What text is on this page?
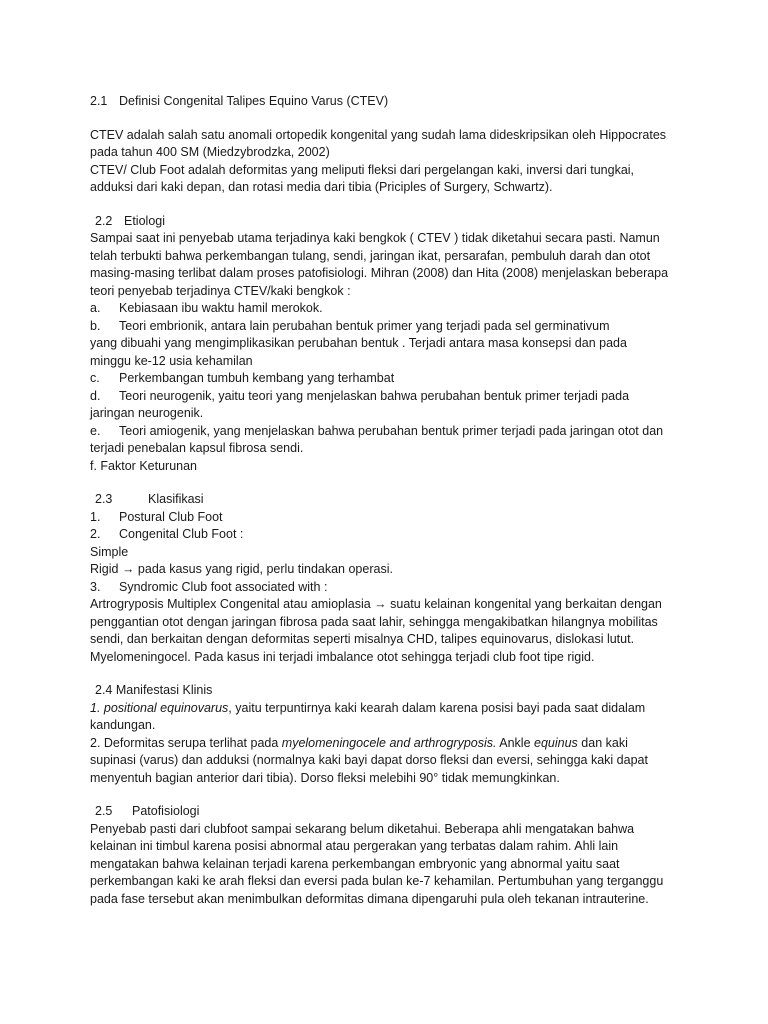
2.1 Definisi Congenital Talipes Equino Varus (CTEV)
CTEV adalah salah satu anomali ortopedik kongenital yang sudah lama dideskripsikan oleh Hippocrates
pada tahun 400 SM (Miedzybrodzka, 2002)
CTEV/ Club Foot adalah deformitas yang meliputi fleksi dari pergelangan kaki, inversi dari tungkai,
adduksi dari kaki depan, dan rotasi media dari tibia (Priciples of Surgery, Schwartz).
2.2 Etiologi
Sampai saat ini penyebab utama terjadinya kaki bengkok ( CTEV ) tidak diketahui secara pasti. Namun
telah terbukti bahwa perkembangan tulang, sendi, jaringan ikat, persarafan, pembuluh darah dan otot
masing-masing terlibat dalam proses patofisiologi. Mihran (2008) dan Hita (2008) menjelaskan beberapa
teori penyebab terjadinya CTEV/kaki bengkok :
a. Kebiasaan ibu waktu hamil merokok.
b. Teori embrionik, antara lain perubahan bentuk primer yang terjadi pada sel germinativum
yang dibuahi yang mengimplikasikan perubahan bentuk . Terjadi antara masa konsepsi dan pada
minggu ke-12 usia kehamilan
c. Perkembangan tumbuh kembang yang terhambat
d. Teori neurogenik, yaitu teori yang menjelaskan bahwa perubahan bentuk primer terjadi pada
jaringan neurogenik.
e. Teori amiogenik, yang menjelaskan bahwa perubahan bentuk primer terjadi pada jaringan otot dan
terjadi penebalan kapsul fibrosa sendi.
f. Faktor Keturunan
2.3	Klasifikasi
1. Postural Club Foot
2. Congenital Club Foot :
Simple
Rigid → pada kasus yang rigid, perlu tindakan operasi.
3. Syndromic Club foot associated with :
Artrogryposis Multiplex Congenital atau amioplasia → suatu kelainan kongenital yang berkaitan dengan
penggantian otot dengan jaringan fibrosa pada saat lahir, sehingga mengakibatkan hilangnya mobilitas
sendi, dan berkaitan dengan deformitas seperti misalnya CHD, talipes equinovarus, dislokasi lutut.
Myelomeningocel. Pada kasus ini terjadi imbalance otot sehingga terjadi club foot tipe rigid.
2.4 Manifestasi Klinis
1. positional equinovarus, yaitu terpuntirnya kaki kearah dalam karena posisi bayi pada saat didalam
kandungan.
2. Deformitas serupa terlihat pada myelomeningocele and arthrogryposis. Ankle equinus dan kaki
supinasi (varus) dan adduksi (normalnya kaki bayi dapat dorso fleksi dan eversi, sehingga kaki dapat
menyentuh bagian anterior dari tibia). Dorso fleksi melebihi 90° tidak memungkinkan.
2.5 Patofisiologi
Penyebab pasti dari clubfoot sampai sekarang belum diketahui. Beberapa ahli mengatakan bahwa
kelainan ini timbul karena posisi abnormal atau pergerakan yang terbatas dalam rahim. Ahli lain
mengatakan bahwa kelainan terjadi karena perkembangan embryonic yang abnormal yaitu saat
perkembangan kaki ke arah fleksi dan eversi pada bulan ke-7 kehamilan. Pertumbuhan yang terganggu
pada fase tersebut akan menimbulkan deformitas dimana dipengaruhi pula oleh tekanan intrauterine.
